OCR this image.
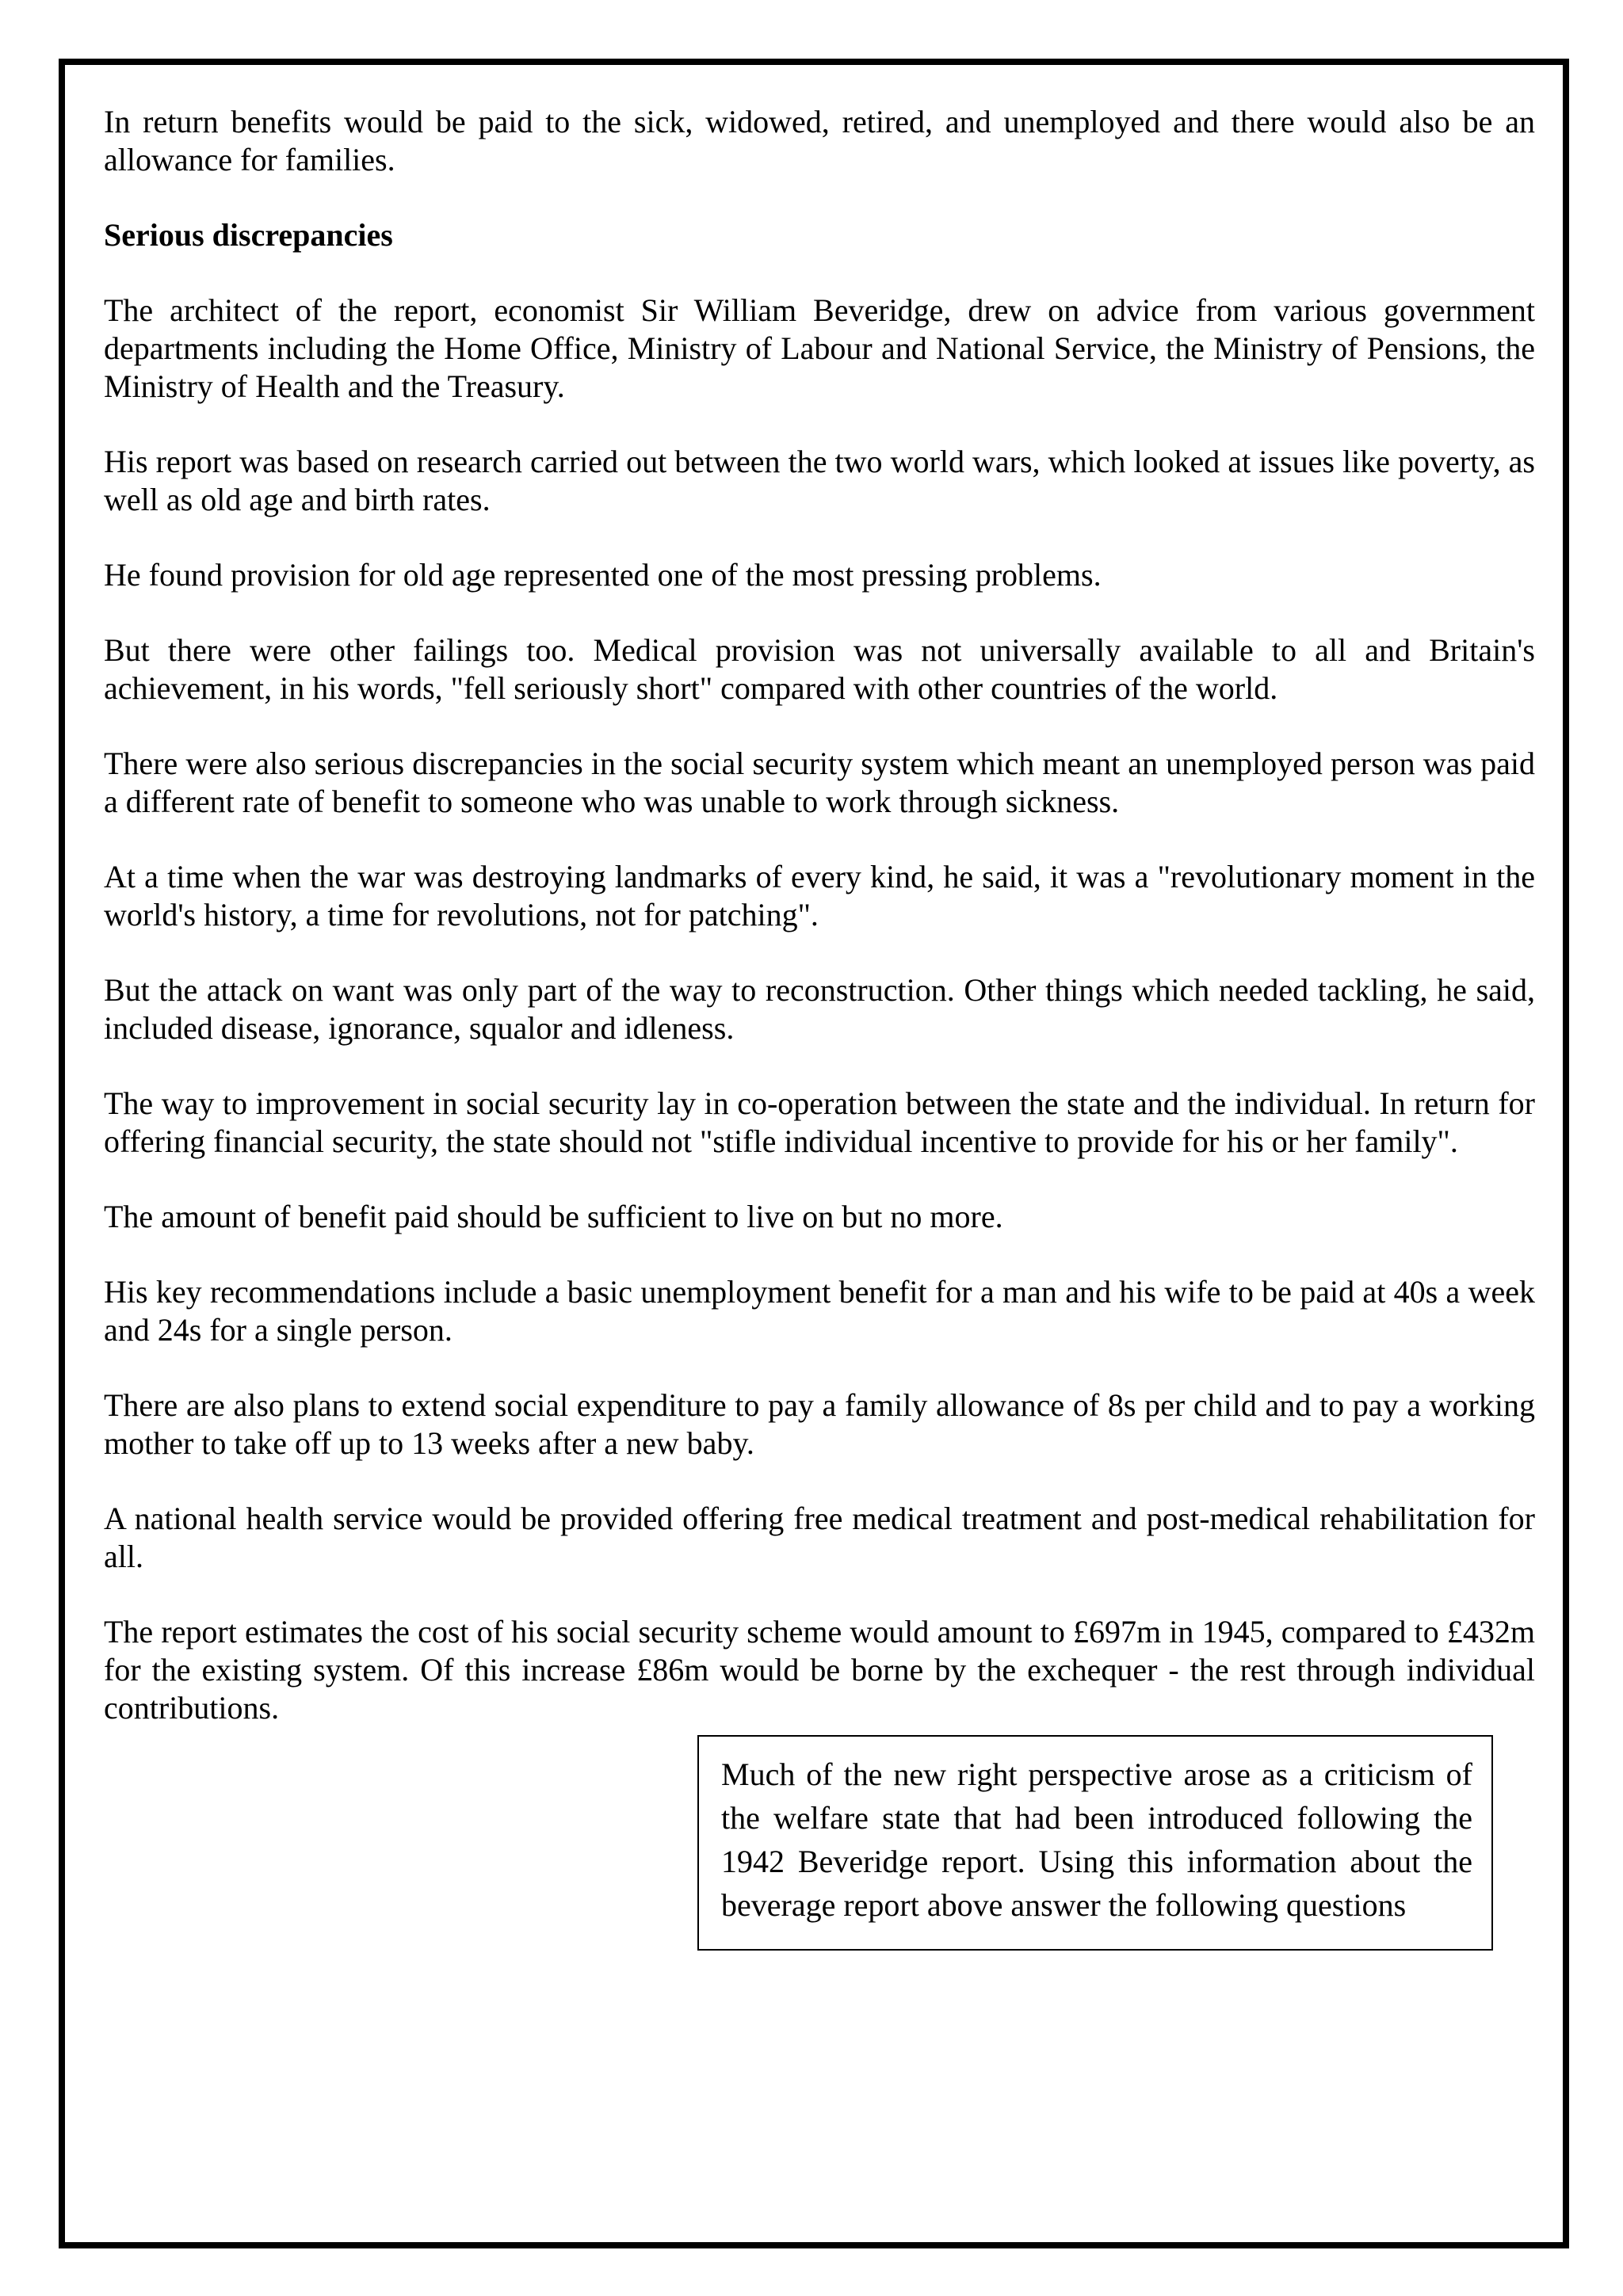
In return benefits would be paid to the sick, widowed, retired, and unemployed and there would also be an allowance for families.

Serious discrepancies

The architect of the report, economist Sir William Beveridge, drew on advice from various government departments including the Home Office, Ministry of Labour and National Service, the Ministry of Pensions, the Ministry of Health and the Treasury.

His report was based on research carried out between the two world wars, which looked at issues like poverty, as well as old age and birth rates.

He found provision for old age represented one of the most pressing problems.

But there were other failings too. Medical provision was not universally available to all and Britain's achievement, in his words, "fell seriously short" compared with other countries of the world.

There were also serious discrepancies in the social security system which meant an unemployed person was paid a different rate of benefit to someone who was unable to work through sickness.

At a time when the war was destroying landmarks of every kind, he said, it was a "revolutionary moment in the world's history, a time for revolutions, not for patching".

But the attack on want was only part of the way to reconstruction. Other things which needed tackling, he said, included disease, ignorance, squalor and idleness.

The way to improvement in social security lay in co-operation between the state and the individual. In return for offering financial security, the state should not "stifle individual incentive to provide for his or her family".

The amount of benefit paid should be sufficient to live on but no more.

His key recommendations include a basic unemployment benefit for a man and his wife to be paid at 40s a week and 24s for a single person.

There are also plans to extend social expenditure to pay a family allowance of 8s per child and to pay a working mother to take off up to 13 weeks after a new baby.

A national health service would be provided offering free medical treatment and post-medical rehabilitation for all.

The report estimates the cost of his social security scheme would amount to £697m in 1945, compared to £432m for the existing system. Of this increase £86m would be borne by the exchequer - the rest through individual contributions.

Much of the new right perspective arose as a criticism of the welfare state that had been introduced following the 1942 Beveridge report. Using this information about the beverage report above answer the following questions
